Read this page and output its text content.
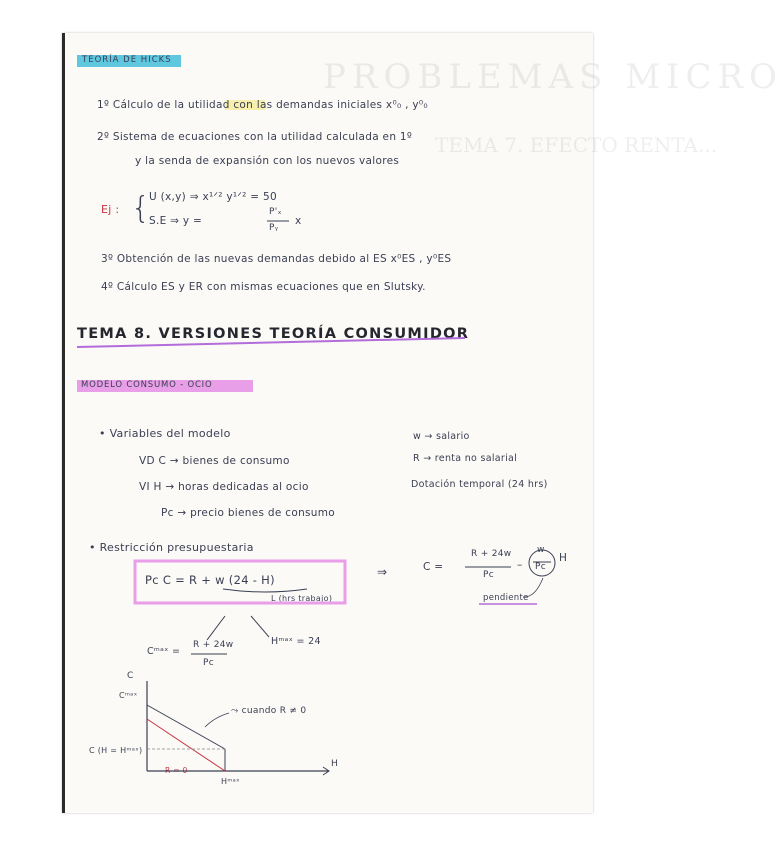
PROBLEMAS MICRO
TEMA 7. EFECTO RENTA...
TEORÍA DE HICKS
1º Cálculo de la utilidad con las demandas iniciales x⁰₀ , y⁰₀
2º Sistema de ecuaciones con la utilidad calculada en 1º
y la senda de expansión con los nuevos valores
Ej : {
U (x,y) ⇒ x¹ᐟ² y¹ᐟ² = 50
S.E ⇒ y =
P'ₓ
Pᵧ
x
3º Obtención de las nuevas demandas debido al ES x⁰ES , y⁰ES
4º Cálculo ES y ER con mismas ecuaciones que en Slutsky.
TEMA 8. VERSIONES TEORÍA CONSUMIDOR
MODELO CONSUMO - OCIO
• Variables del modelo
VD C → bienes de consumo
VI H → horas dedicadas al ocio
Pc → precio bienes de consumo
w → salario
R → renta no salarial
Dotación temporal (24 hrs)
• Restricción presupuestaria
Pc C = R + w (24 - H)
L (hrs trabajo)
⇒	C =
R + 24w
Pc
–
w
Pc
H
pendiente
Cᵐᵃˣ =
R + 24w
Pc
Hᵐᵃˣ = 24
C
Cᵐᵃˣ
C (H = Hᵐᵃˣ)
⤳ cuando R ≠ 0
R = 0
Hᵐᵃˣ
H
